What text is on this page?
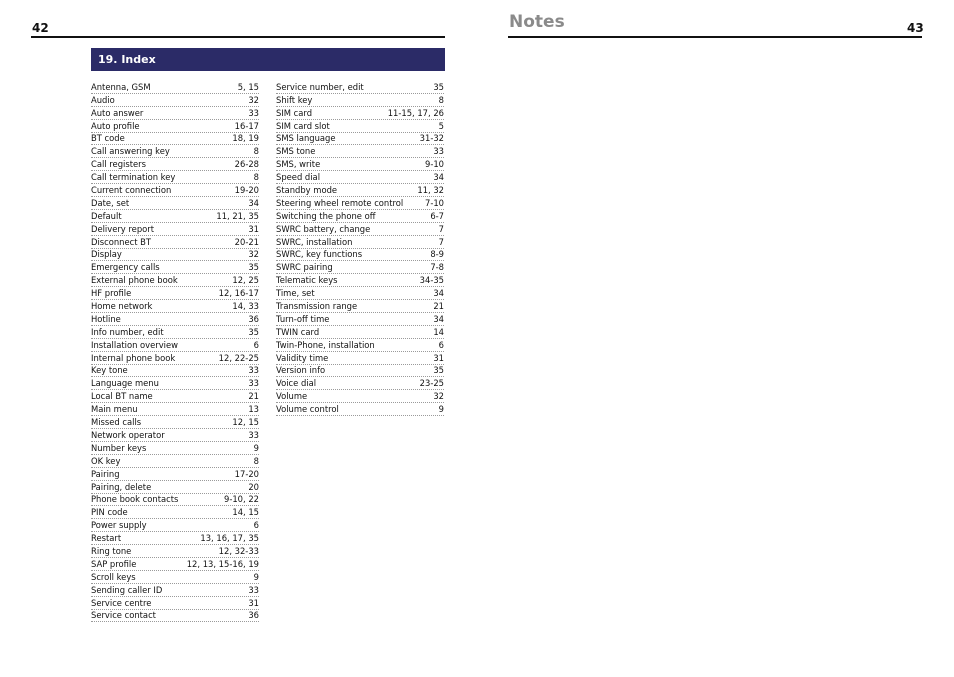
42
19. Index
Antenna, GSM	5, 15
Audio	32
Auto answer	33
Auto profile	16-17
BT code	18, 19
Call answering key	8
Call registers	26-28
Call termination key	8
Current connection	19-20
Date, set	34
Default	11, 21, 35
Delivery report	31
Disconnect BT	20-21
Display	32
Emergency calls	35
External phone book	12, 25
HF profile	12, 16-17
Home network	14, 33
Hotline	36
Info number, edit	35
Installation overview	6
Internal phone book	12, 22-25
Key tone	33
Language menu	33
Local BT name	21
Main menu	13
Missed calls	12, 15
Network operator	33
Number keys	9
OK key	8
Pairing	17-20
Pairing, delete	20
Phone book contacts	9-10, 22
PIN code	14, 15
Power supply	6
Restart	13, 16, 17, 35
Ring tone	12, 32-33
SAP profile	12, 13, 15-16, 19
Scroll keys	9
Sending caller ID	33
Service centre	31
Service contact	36
Service number, edit	35
Shift key	8
SIM card	11-15, 17, 26
SIM card slot	5
SMS language	31-32
SMS tone	33
SMS, write	9-10
Speed dial	34
Standby mode	11, 32
Steering wheel remote control	7-10
Switching the phone off	6-7
SWRC battery, change	7
SWRC, installation	7
SWRC, key functions	8-9
SWRC pairing	7-8
Telematic keys	34-35
Time, set	34
Transmission range	21
Turn-off time	34
TWIN card	14
Twin-Phone, installation	6
Validity time	31
Version info	35
Voice dial	23-25
Volume	32
Volume control	9
Notes	43
